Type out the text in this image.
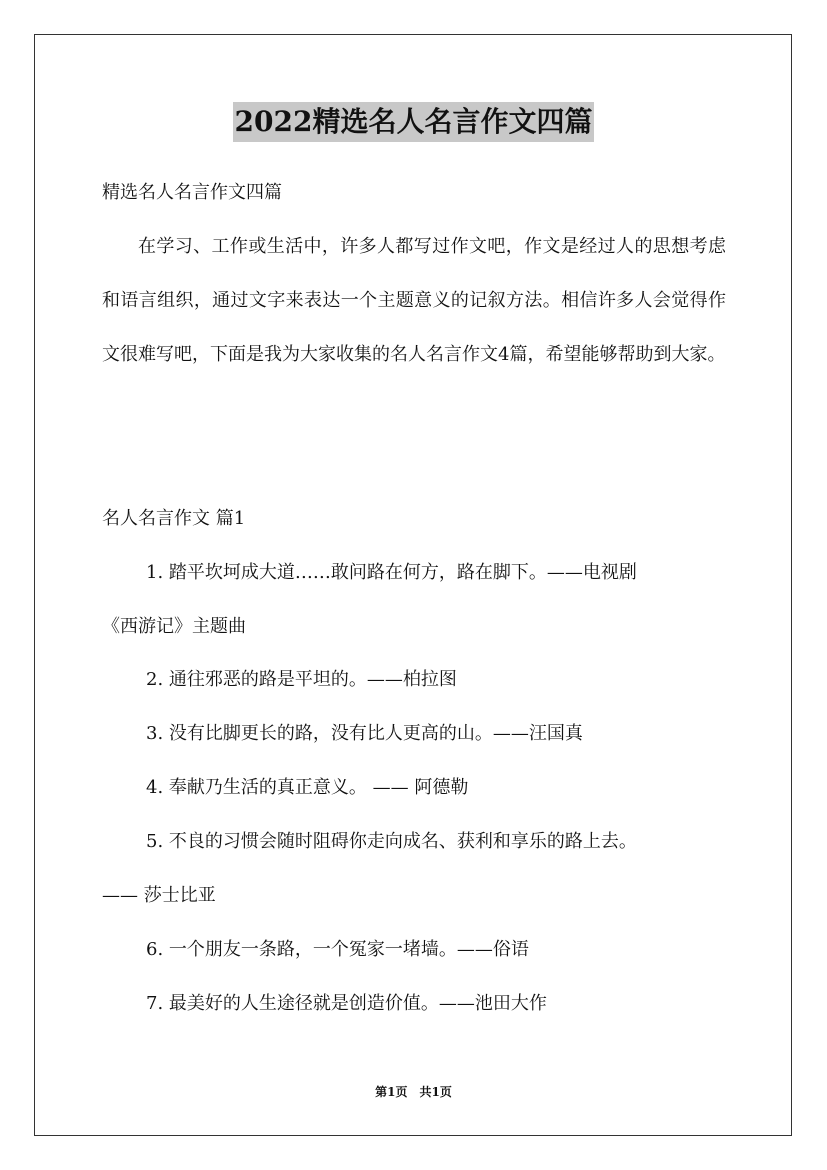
2022精选名人名言作文四篇
精选名人名言作文四篇
在学习、工作或生活中，许多人都写过作文吧，作文是经过人的思想考虑和语言组织，通过文字来表达一个主题意义的记叙方法。相信许多人会觉得作文很难写吧，下面是我为大家收集的名人名言作文4篇，希望能够帮助到大家。
名人名言作文 篇1
1. 踏平坎坷成大道……敢问路在何方，路在脚下。——电视剧
《西游记》主题曲
2. 通往邪恶的路是平坦的。——柏拉图
3. 没有比脚更长的路，没有比人更高的山。——汪国真
4. 奉献乃生活的真正意义。 —— 阿德勒
5. 不良的习惯会随时阻碍你走向成名、获利和享乐的路上去。
—— 莎士比亚
6. 一个朋友一条路，一个冤家一堵墙。——俗语
7. 最美好的人生途径就是创造价值。——池田大作
第1页　共1页
